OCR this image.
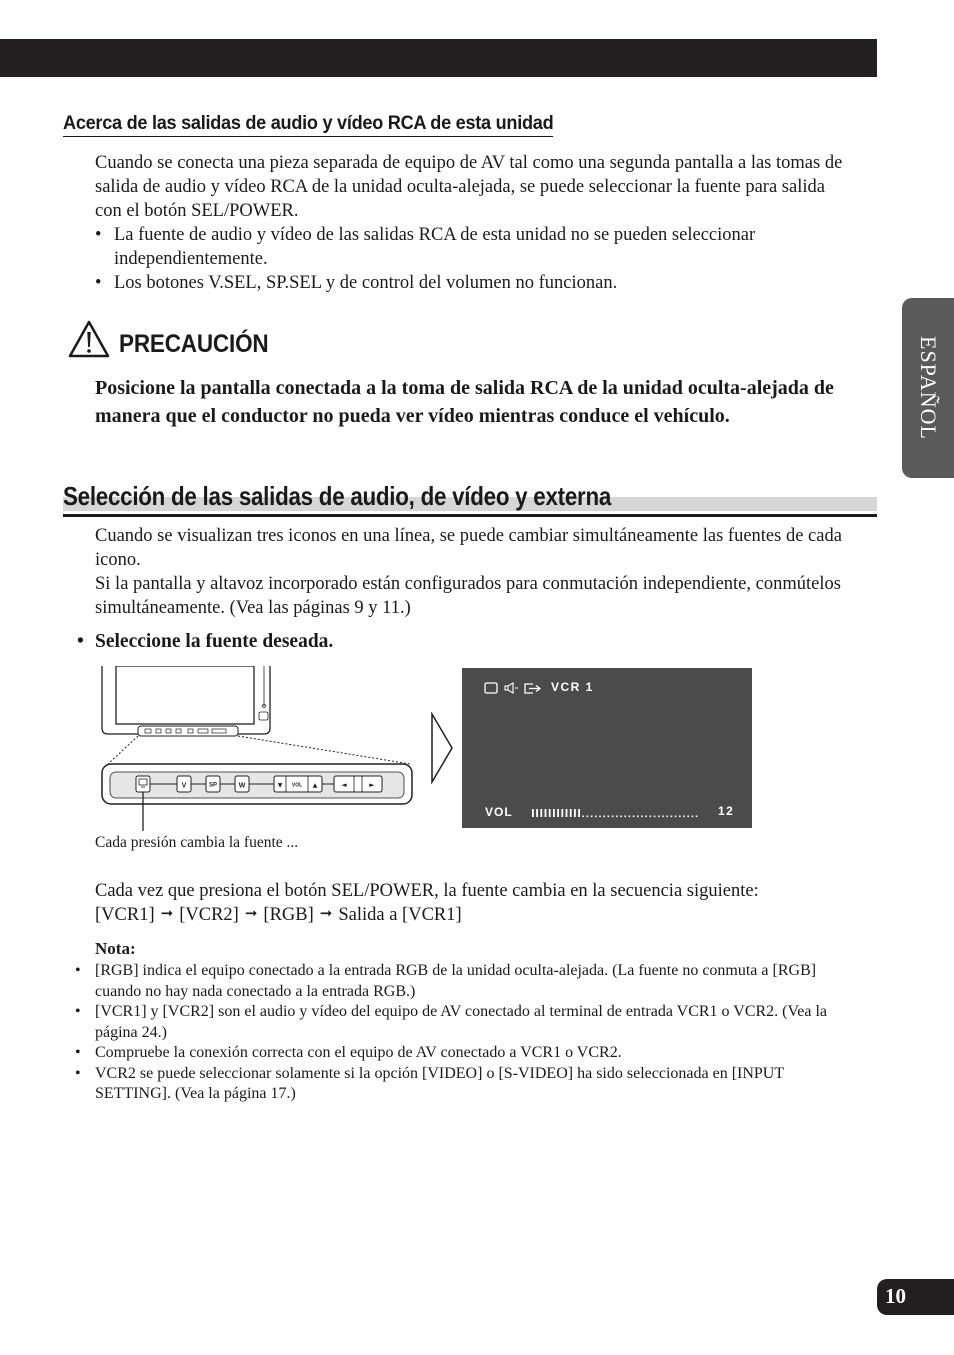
Acerca de las salidas de audio y vídeo RCA de esta unidad
Cuando se conecta una pieza separada de equipo de AV tal como una segunda pantalla a las tomas de salida de audio y vídeo RCA de la unidad oculta-alejada, se puede seleccionar la fuente para salida con el botón SEL/POWER.
• La fuente de audio y vídeo de las salidas RCA de esta unidad no se pueden seleccionar independientemente.
• Los botones V.SEL, SP.SEL y de control del volumen no funcionan.
PRECAUCIÓN
Posicione la pantalla conectada a la toma de salida RCA de la unidad oculta-alejada de manera que el conductor no pueda ver vídeo mientras conduce el vehículo.
Selección de las salidas de audio, de vídeo y externa
Cuando se visualizan tres iconos en una línea, se puede cambiar simultáneamente las fuentes de cada icono.
Si la pantalla y altavoz incorporado están configurados para conmutación independiente, conmútelos simultáneamente. (Vea las páginas 9 y 11.)
• Seleccione la fuente deseada.
V	SP	W	▼ VOL ▲	◄	►
VCR 1
VOL	12
Cada presión cambia la fuente ...
Cada vez que presiona el botón SEL/POWER, la fuente cambia en la secuencia siguiente:
[VCR1] ➞ [VCR2] ➞ [RGB] ➞ Salida a [VCR1]
Nota:
• [RGB] indica el equipo conectado a la entrada RGB de la unidad oculta-alejada. (La fuente no conmuta a [RGB] cuando no hay nada conectado a la entrada RGB.)
• [VCR1] y [VCR2] son el audio y vídeo del equipo de AV conectado al terminal de entrada VCR1 o VCR2. (Vea la página 24.)
• Compruebe la conexión correcta con el equipo de AV conectado a VCR1 o VCR2.
• VCR2 se puede seleccionar solamente si la opción [VIDEO] o [S-VIDEO] ha sido seleccionada en [INPUT SETTING]. (Vea la página 17.)
ESPAÑOL
10
